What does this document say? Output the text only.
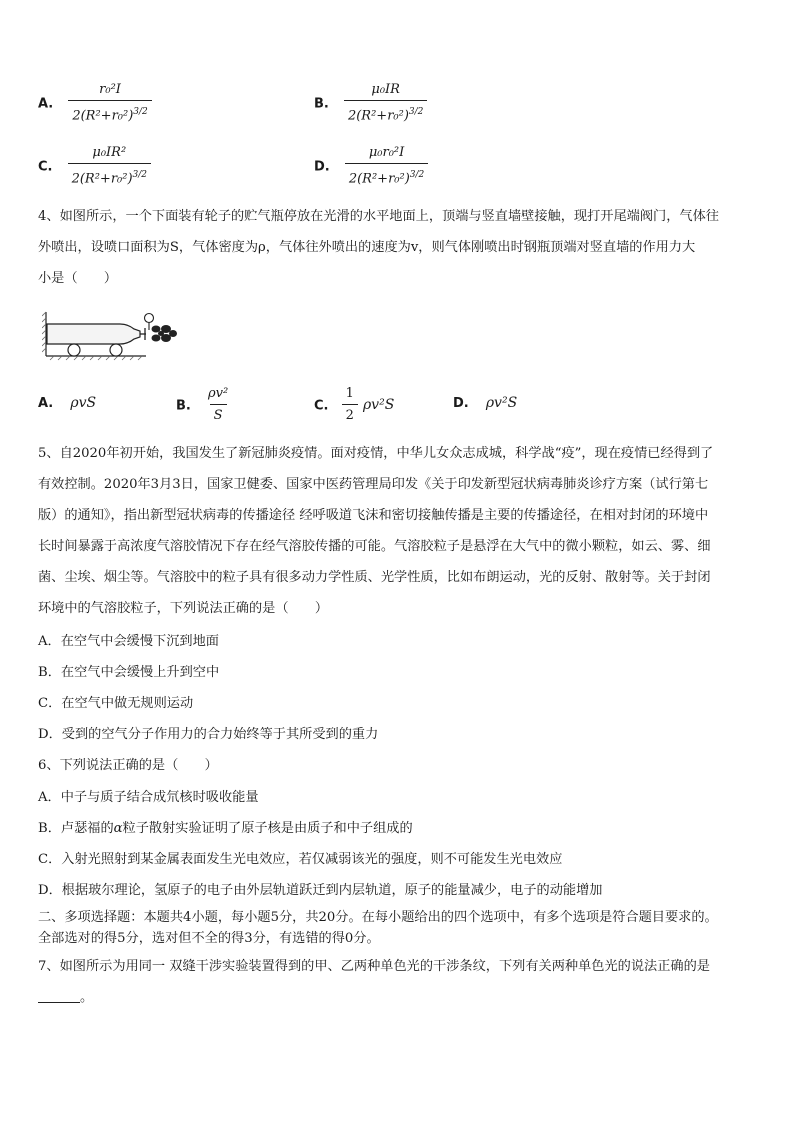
A. $\frac{\text{r₀²I}}{2(R^2+r_0^2)^{3/2}}$	B. $\frac{\text{μ₀IR}}{2(R^2+r_0^2)^{3/2}}$
C. $\frac{\text{μ₀IR²}}{2(R^2+r_0^2)^{3/2}}$	D. $\frac{\text{μ₀r₀²I}}{2(R^2+r_0^2)^{3/2}}$
4、如图所示，一个下面装有轮子的贮气瓶停放在光滑的水平地面上，顶端与竖直墙壁接触，现打开尾端阀门，气体往
外喷出，设喷口面积为S，气体密度为ρ，气体往外喷出的速度为v，则气体刚喷出时钢瓶顶端对竖直墙的作用力大
小是（　　）
A. ρvS	B. $\frac{\text{ρv²}}{S}$	C. $\frac{1}{2} \rho v^2S$	D. ρv²S
5、自2020年初开始，我国发生了新冠肺炎疫情。面对疫情，中华儿女众志成城，科学战“疫”，现在疫情已经得到了
有效控制。2020年3月3日，国家卫健委、国家中医药管理局印发《关于印发新型冠状病毒肺炎诊疗方案（试行第七
版）的通知》，指出新型冠状病毒的传播途径 经呼吸道飞沫和密切接触传播是主要的传播途径，在相对封闭的环境中
长时间暴露于高浓度气溶胶情况下存在经气溶胶传播的可能。气溶胶粒子是悬浮在大气中的微小颗粒，如云、雾、细
菌、尘埃、烟尘等。气溶胶中的粒子具有很多动力学性质、光学性质，比如布朗运动，光的反射、散射等。关于封闭
环境中的气溶胶粒子，下列说法正确的是（　　）
A．在空气中会缓慢下沉到地面
B．在空气中会缓慢上升到空中
C．在空气中做无规则运动
D．受到的空气分子作用力的合力始终等于其所受到的重力
6、下列说法正确的是（　　）
A．中子与质子结合成氘核时吸收能量
B．卢瑟福的α粒子散射实验证明了原子核是由质子和中子组成的
C．入射光照射到某金属表面发生光电效应，若仅减弱该光的强度，则不可能发生光电效应
D．根据玻尔理论，氢原子的电子由外层轨道跃迁到内层轨道，原子的能量减少，电子的动能增加
二、多项选择题：本题共4小题，每小题5分，共20分。在每小题给出的四个选项中，有多个选项是符合题目要求的。
全部选对的得5分，选对但不全的得3分，有选错的得0分。
7、如图所示为用同一 双缝干涉实验装置得到的甲、乙两种单色光的干涉条纹，下列有关两种单色光的说法正确的是
。
